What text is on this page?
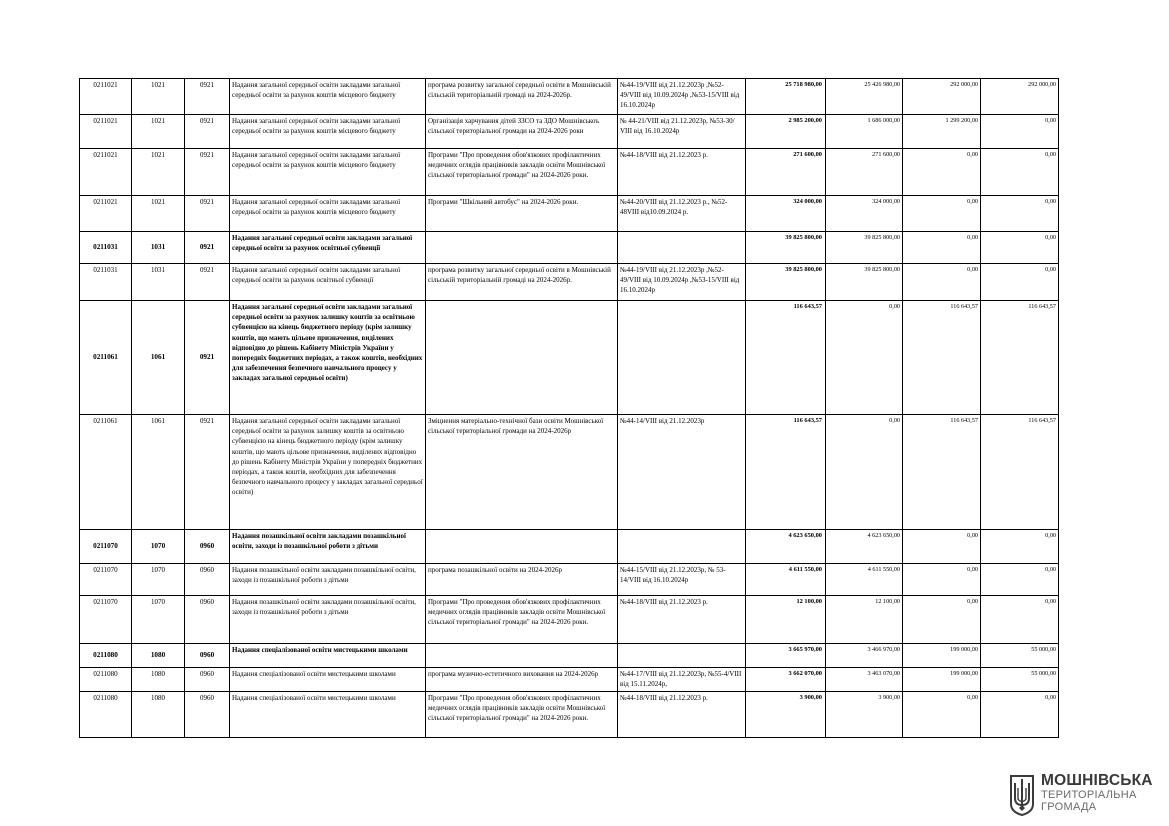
0211021	1021	0921	Надання загальної середньої освіти закладами загальної середньої освіти за рахунок коштів місцевого бюджету	програма розвитку загальної середньої освіти в Мошнівській сільській територіальній громаді на 2024-2026р.	№44-19/VIII від 21.12.2023р ,№52-49/VIII від 10.09.2024р ,№53-15/VIII від 16.10.2024р	25 718 980,00	25 426 980,00	292 000,00	292 000,00
0211021	1021	0921	Надання загальної середньої освіти закладами загальної середньої освіти за рахунок коштів місцевого бюджету	Організація харчування дітей ЗЗСО та ЗДО Мошнівськоъ сільської територіальної громади на 2024-2026 роки	№ 44-21/VIII від 21.12.2023р, №53-30/ VIII від 16.10.2024р	2 985 200,00	1 686 000,00	1 299 200,00	0,00
0211021	1021	0921	Надання загальної середньої освіти закладами загальної середньої освіти за рахунок коштів місцевого бюджету	Програми "Про проведення обов'язкових профілактичних медичних оглядів працівників закладів освіти Мошнівської сільської територіальної громади" на 2024-2026 роки.	№44-18/VIII від 21.12.2023 р.	271 600,00	271 600,00	0,00	0,00
0211021	1021	0921	Надання загальної середньої освіти закладами загальної середньої освіти за рахунок коштів місцевого бюджету	Програми "Шкільний автобус" на 2024-2026 роки.	№44-20/VIII від 21.12.2023 р., №52-48VIII від10.09.2024 р.	324 000,00	324 000,00	0,00	0,00
0211031	1031	0921	Надання загальної середньої освіти закладами загальної середньої освіти за рахунок освітньої субвенції			39 825 800,00	39 825 800,00	0,00	0,00
0211031	1031	0921	Надання загальної середньої освіти закладами загальної середньої освіти за рахунок освітньої субвенції	програма розвитку загальної середньої освіти в Мошнівській сільській територіальній громаді на 2024-2026р.	№44-19/VIII від 21.12.2023р ,№52-49/VIII від 10.09.2024р ,№53-15/VIII від 16.10.2024р	39 825 800,00	39 825 800,00	0,00	0,00
0211061	1061	0921	Надання загальної середньої освіти закладами загальної середньої освіти за рахунок залишку коштів за освітньою субвенцією на кінець бюджетного періоду (крім залишку коштів, що мають цільове призначення, виділених відповідно до рішень Кабінету Міністрів України у попередніх бюджетних періодах, а також коштів, необхідних для забезпечення безпечного навчального процесу у закладах загальної середньої освіти)			116 643,57	0,00	116 643,57	116 643,57
0211061	1061	0921	Надання загальної середньої освіти закладами загальної середньої освіти за рахунок залишку коштів за освітньою субвенцією на кінець бюджетного періоду (крім залишку коштів, що мають цільове призначення, виділених відповідно до рішень Кабінету Міністрів України у попередніх бюджетних періодах, а також коштів, необхідних для забезпечення безпечного навчального процесу у закладах загальної середньої освіти)	Зміцнення матеріально-технічної бази освіти Мошнівської сільської територіальної громади на 2024-2026р	№44-14/VIII від 21.12.2023р	116 643,57	0,00	116 643,57	116 643,57
0211070	1070	0960	Надання позашкільної освіти закладами позашкільної освіти, заходи із позашкільної роботи з дітьми			4 623 650,00	4 623 650,00	0,00	0,00
0211070	1070	0960	Надання позашкільної освіти закладами позашкільної освіти, заходи із позашкільної роботи з дітьми	програма позашкільної освіти на 2024-2026р	№44-15/VIII від 21.12.2023р, № 53-14/VIII від 16.10.2024р	4 611 550,00	4 611 550,00	0,00	0,00
0211070	1070	0960	Надання позашкільної освіти закладами позашкільної освіти, заходи із позашкільної роботи з дітьми	Програми "Про проведення обов'язкових профілактичних медичних оглядів працівників закладів освіти Мошнівської сільської територіальної громади" на 2024-2026 роки.	№44-18/VIII від 21.12.2023 р.	12 100,00	12 100,00	0,00	0,00
0211080	1080	0960	Надання спеціалізованої освіти мистецькими школами			3 665 970,00	3 466 970,00	199 000,00	55 000,00
0211080	1080	0960	Надання спеціалізованої освіти мистецькими школами	програма музично-естетичного виховання на 2024-2026р	№44-17/VIII від 21.12.2023р, №55-4/VIII від 15.11.2024р,	3 662 070,00	3 463 070,00	199 000,00	55 000,00
0211080	1080	0960	Надання спеціалізованої освіти мистецькими школами	Програми "Про проведення обов'язкових профілактичних медичних оглядів працівників закладів освіти Мошнівської сільської територіальної громади" на 2024-2026 роки.	№44-18/VIII від 21.12.2023 р.	3 900,00	3 900,00	0,00	0,00
МОШНІВСЬКА
ТЕРИТОРІАЛЬНА
ГРОМАДА
